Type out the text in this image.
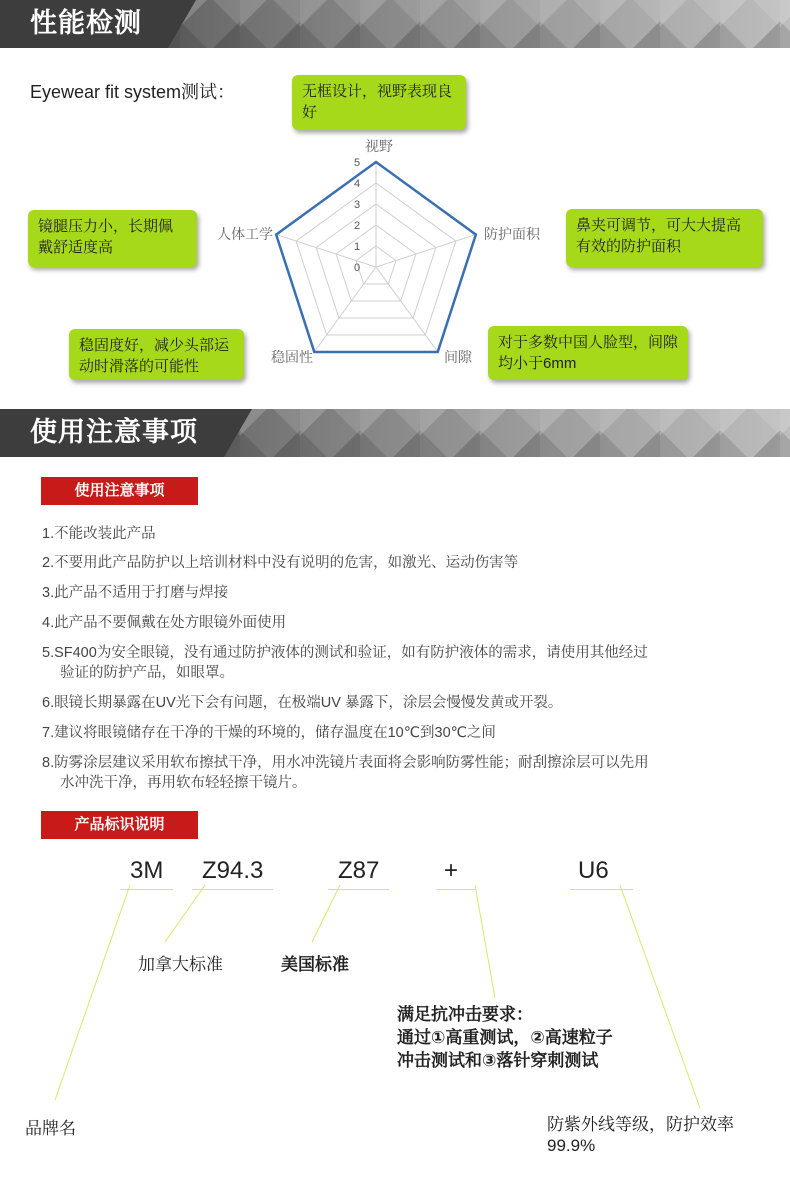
性能检测
Eyewear fit system测试：
0
1
2
3
4
5
视野
防护面积
间隙
稳固性
人体工学
无框设计，视野表现良好
鼻夹可调节，可大大提高有效的防护面积
对于多数中国人脸型，间隙均小于6mm
稳固度好，减少头部运动时滑落的可能性
镜腿压力小，长期佩戴舒适度高
使用注意事项
使用注意事项
1.不能改装此产品
2.不要用此产品防护以上培训材料中没有说明的危害，如激光、运动伤害等
3.此产品不适用于打磨与焊接
4.此产品不要佩戴在处方眼镜外面使用
5.SF400为安全眼镜，没有通过防护液体的测试和验证，如有防护液体的需求，请使用其他经过
验证的防护产品，如眼罩。
6.眼镜长期暴露在UV光下会有问题，在极端UV 暴露下，涂层会慢慢发黄或开裂。
7.建议将眼镜储存在干净的干燥的环境的，储存温度在10℃到30℃之间
8.防雾涂层建议采用软布擦拭干净，用水冲洗镜片表面将会影响防雾性能；耐刮擦涂层可以先用
水冲洗干净，再用软布轻轻擦干镜片。
产品标识说明
3M	Z94.3	Z87	+	U6
加拿大标准	美国标准
满足抗冲击要求：
通过①高重测试，②高速粒子
冲击测试和③落针穿刺测试
品牌名	防紫外线等级，防护效率
99.9%
